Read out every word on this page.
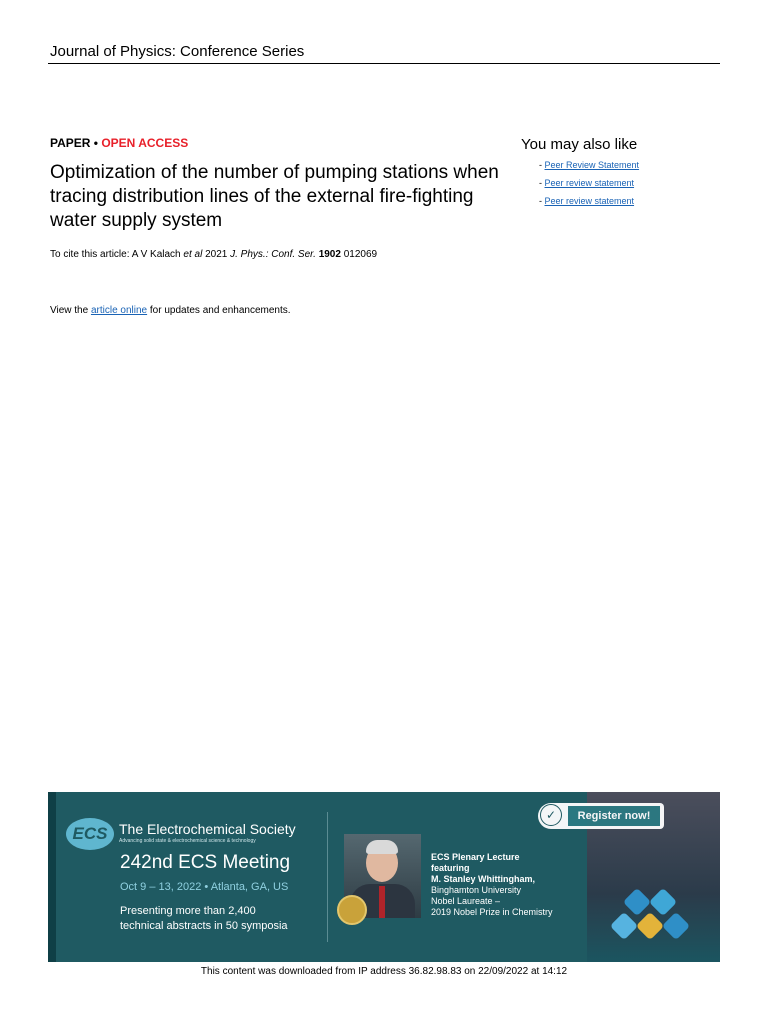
Journal of Physics: Conference Series
PAPER • OPEN ACCESS
Optimization of the number of pumping stations when tracing distribution lines of the external fire-fighting water supply system
To cite this article: A V Kalach et al 2021 J. Phys.: Conf. Ser. 1902 012069
View the article online for updates and enhancements.
You may also like
- Peer Review Statement
- Peer review statement
- Peer review statement
ECS The Electrochemical Society
Advancing solid state & electrochemical science & technology
242nd ECS Meeting
Oct 9 – 13, 2022 • Atlanta, GA, US
Presenting more than 2,400
technical abstracts in 50 symposia
ECS Plenary Lecture
featuring
M. Stanley Whittingham,
Binghamton University
Nobel Laureate –
2019 Nobel Prize in Chemistry
✓	Register now!
This content was downloaded from IP address 36.82.98.83 on 22/09/2022 at 14:12
